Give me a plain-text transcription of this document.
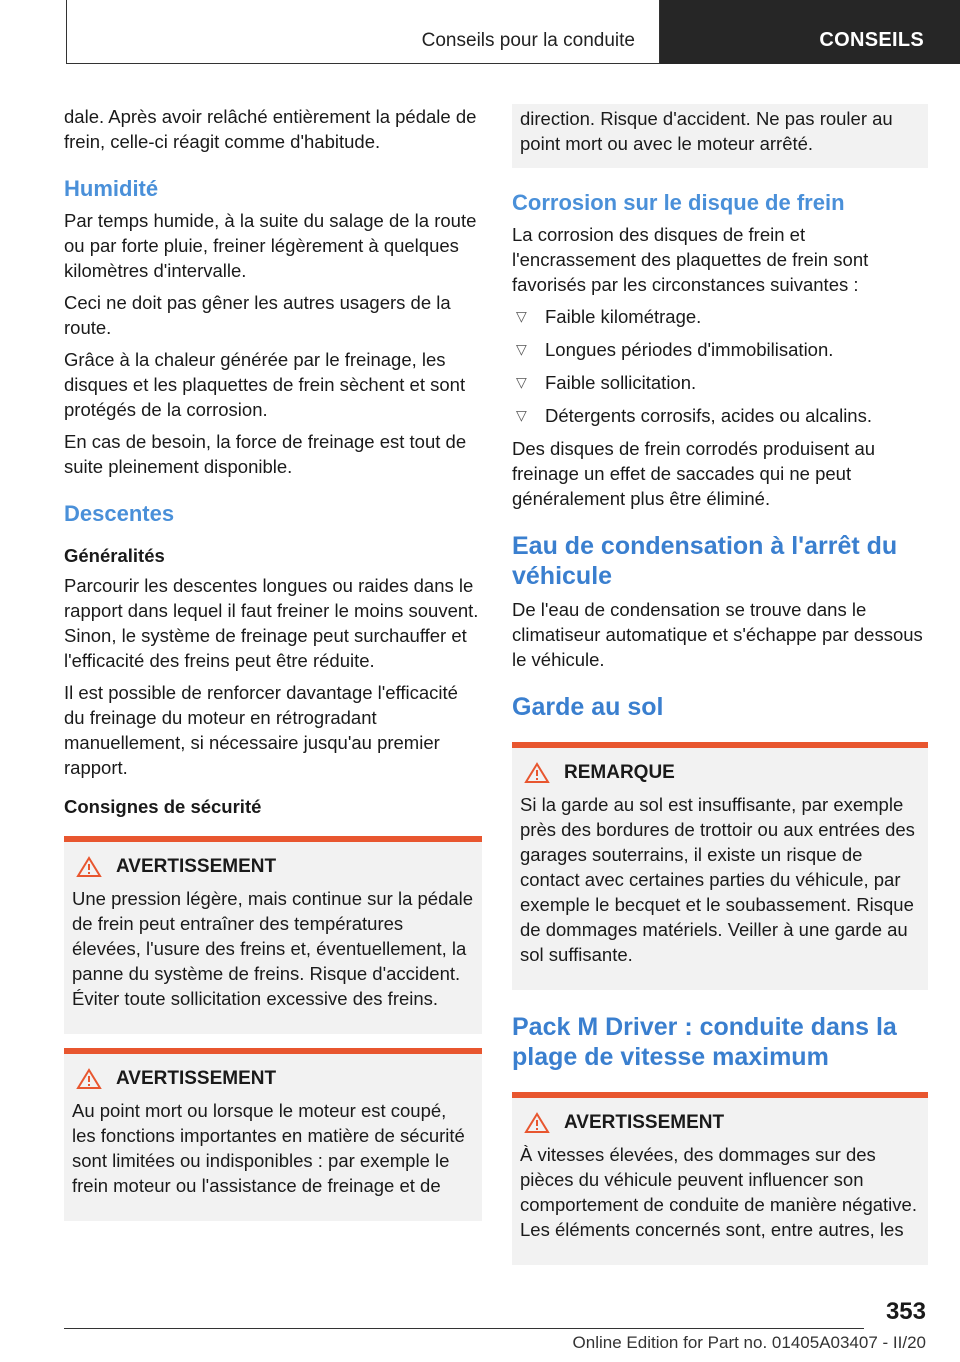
Conseils pour la conduite	CONSEILS

dale. Après avoir relâché entièrement la pédale de frein, celle-ci réagit comme d'habitude.

Humidité

Par temps humide, à la suite du salage de la route ou par forte pluie, freiner légèrement à quelques kilomètres d'intervalle.

Ceci ne doit pas gêner les autres usagers de la route.

Grâce à la chaleur générée par le freinage, les disques et les plaquettes de frein sèchent et sont protégés de la corrosion.

En cas de besoin, la force de freinage est tout de suite pleinement disponible.

Descentes
Généralités

Parcourir les descentes longues ou raides dans le rapport dans lequel il faut freiner le moins souvent. Sinon, le système de freinage peut surchauffer et l'efficacité des freins peut être réduite.

Il est possible de renforcer davantage l'efficacité du freinage du moteur en rétrogradant manuellement, si nécessaire jusqu'au premier rapport.

Consignes de sécurité
AVERTISSEMENT

Une pression légère, mais continue sur la pédale de frein peut entraîner des températures élevées, l'usure des freins et, éventuellement, la panne du système de freins. Risque d'accident. Éviter toute sollicitation excessive des freins.

AVERTISSEMENT

Au point mort ou lorsque le moteur est coupé, les fonctions importantes en matière de sécurité sont limitées ou indisponibles : par exemple le frein moteur ou l'assistance de freinage et de

direction. Risque d'accident. Ne pas rouler au point mort ou avec le moteur arrêté.

Corrosion sur le disque de frein

La corrosion des disques de frein et l'encrassement des plaquettes de frein sont favorisés par les circonstances suivantes :

▽ Faible kilométrage.
▽ Longues périodes d'immobilisation.
▽ Faible sollicitation.
▽ Détergents corrosifs, acides ou alcalins.

Des disques de frein corrodés produisent au freinage un effet de saccades qui ne peut généralement plus être éliminé.

Eau de condensation à l'arrêt du véhicule

De l'eau de condensation se trouve dans le climatiseur automatique et s'échappe par dessous le véhicule.

Garde au sol
REMARQUE

Si la garde au sol est insuffisante, par exemple près des bordures de trottoir ou aux entrées des garages souterrains, il existe un risque de contact avec certaines parties du véhicule, par exemple le becquet et le soubassement. Risque de dommages matériels. Veiller à une garde au sol suffisante.

Pack M Driver : conduite dans la plage de vitesse maximum
AVERTISSEMENT

À vitesses élevées, des dommages sur des pièces du véhicule peuvent influencer son comportement de conduite de manière négative. Les éléments concernés sont, entre autres, les

353
Online Edition for Part no. 01405A03407 - II/20
